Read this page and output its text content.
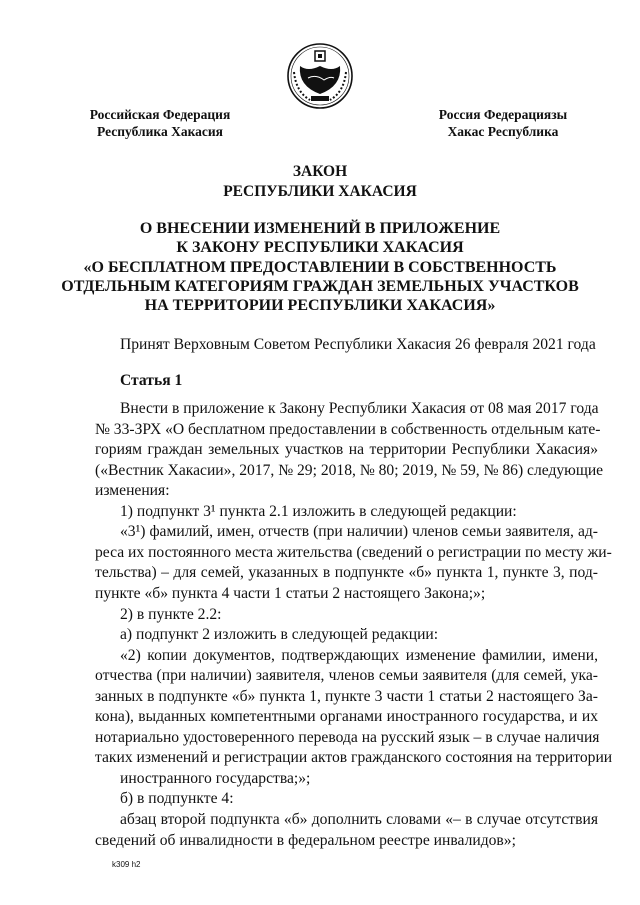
Российская Федерация
Республика Хакасия
Россия Федерациязы
Хакас Республика
ЗАКОН
РЕСПУБЛИКИ ХАКАСИЯ
О ВНЕСЕНИИ ИЗМЕНЕНИЙ В ПРИЛОЖЕНИЕ
К ЗАКОНУ РЕСПУБЛИКИ ХАКАСИЯ
«О БЕСПЛАТНОМ ПРЕДОСТАВЛЕНИИ В СОБСТВЕННОСТЬ
ОТДЕЛЬНЫМ КАТЕГОРИЯМ ГРАЖДАН ЗЕМЕЛЬНЫХ УЧАСТКОВ
НА ТЕРРИТОРИИ РЕСПУБЛИКИ ХАКАСИЯ»
Принят Верховным Советом Республики Хакасия 26 февраля 2021 года
Статья 1
Внести в приложение к Закону Республики Хакасия от 08 мая 2017 года
№ 33-ЗРХ «О бесплатном предоставлении в собственность отдельным кате-
гориям граждан земельных участков на территории Республики Хакасия»
(«Вестник Хакасии», 2017, № 29; 2018, № 80; 2019, № 59, № 86) следующие
изменения:
1) подпункт 3¹ пункта 2.1 изложить в следующей редакции:
«3¹) фамилий, имен, отчеств (при наличии) членов семьи заявителя, ад-
реса их постоянного места жительства (сведений о регистрации по месту жи-
тельства) – для семей, указанных в подпункте «б» пункта 1, пункте 3, под-
пункте «б» пункта 4 части 1 статьи 2 настоящего Закона;»;
2) в пункте 2.2:
а) подпункт 2 изложить в следующей редакции:
«2) копии документов, подтверждающих изменение фамилии, имени,
отчества (при наличии) заявителя, членов семьи заявителя (для семей, ука-
занных в подпункте «б» пункта 1, пункте 3 части 1 статьи 2 настоящего За-
кона), выданных компетентными органами иностранного государства, и их
нотариально удостоверенного перевода на русский язык – в случае наличия
таких изменений и регистрации актов гражданского состояния на территории
иностранного государства;»;
б) в подпункте 4:
абзац второй подпункта «б» дополнить словами «– в случае отсутствия
сведений об инвалидности в федеральном реестре инвалидов»;
k309 h2
